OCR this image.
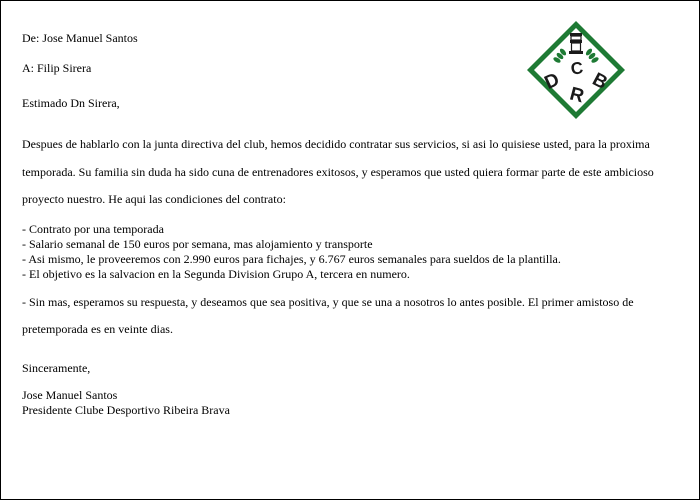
De: Jose Manuel Santos
A: Filip Sirera
Estimado Dn Sirera,
Despues de hablarlo con la junta directiva del club, hemos decidido contratar sus servicios, si asi lo quisiese usted, para la proxima
temporada. Su familia sin duda ha sido cuna de entrenadores exitosos, y esperamos que usted quiera formar parte de este ambicioso
proyecto nuestro. He aqui las condiciones del contrato:
- Contrato por una temporada
- Salario semanal de 150 euros por semana, mas alojamiento y transporte
- Asi mismo, le proveeremos con 2.990 euros para fichajes, y 6.767 euros semanales para sueldos de la plantilla.
- El objetivo es la salvacion en la Segunda Division Grupo A, tercera en numero.
- Sin mas, esperamos su respuesta, y deseamos que sea positiva, y que se una a nosotros lo antes posible. El primer amistoso de
pretemporada es en veinte dias.
Sinceramente,
Jose Manuel Santos
Presidente Clube Desportivo Ribeira Brava
C
D
R
B
